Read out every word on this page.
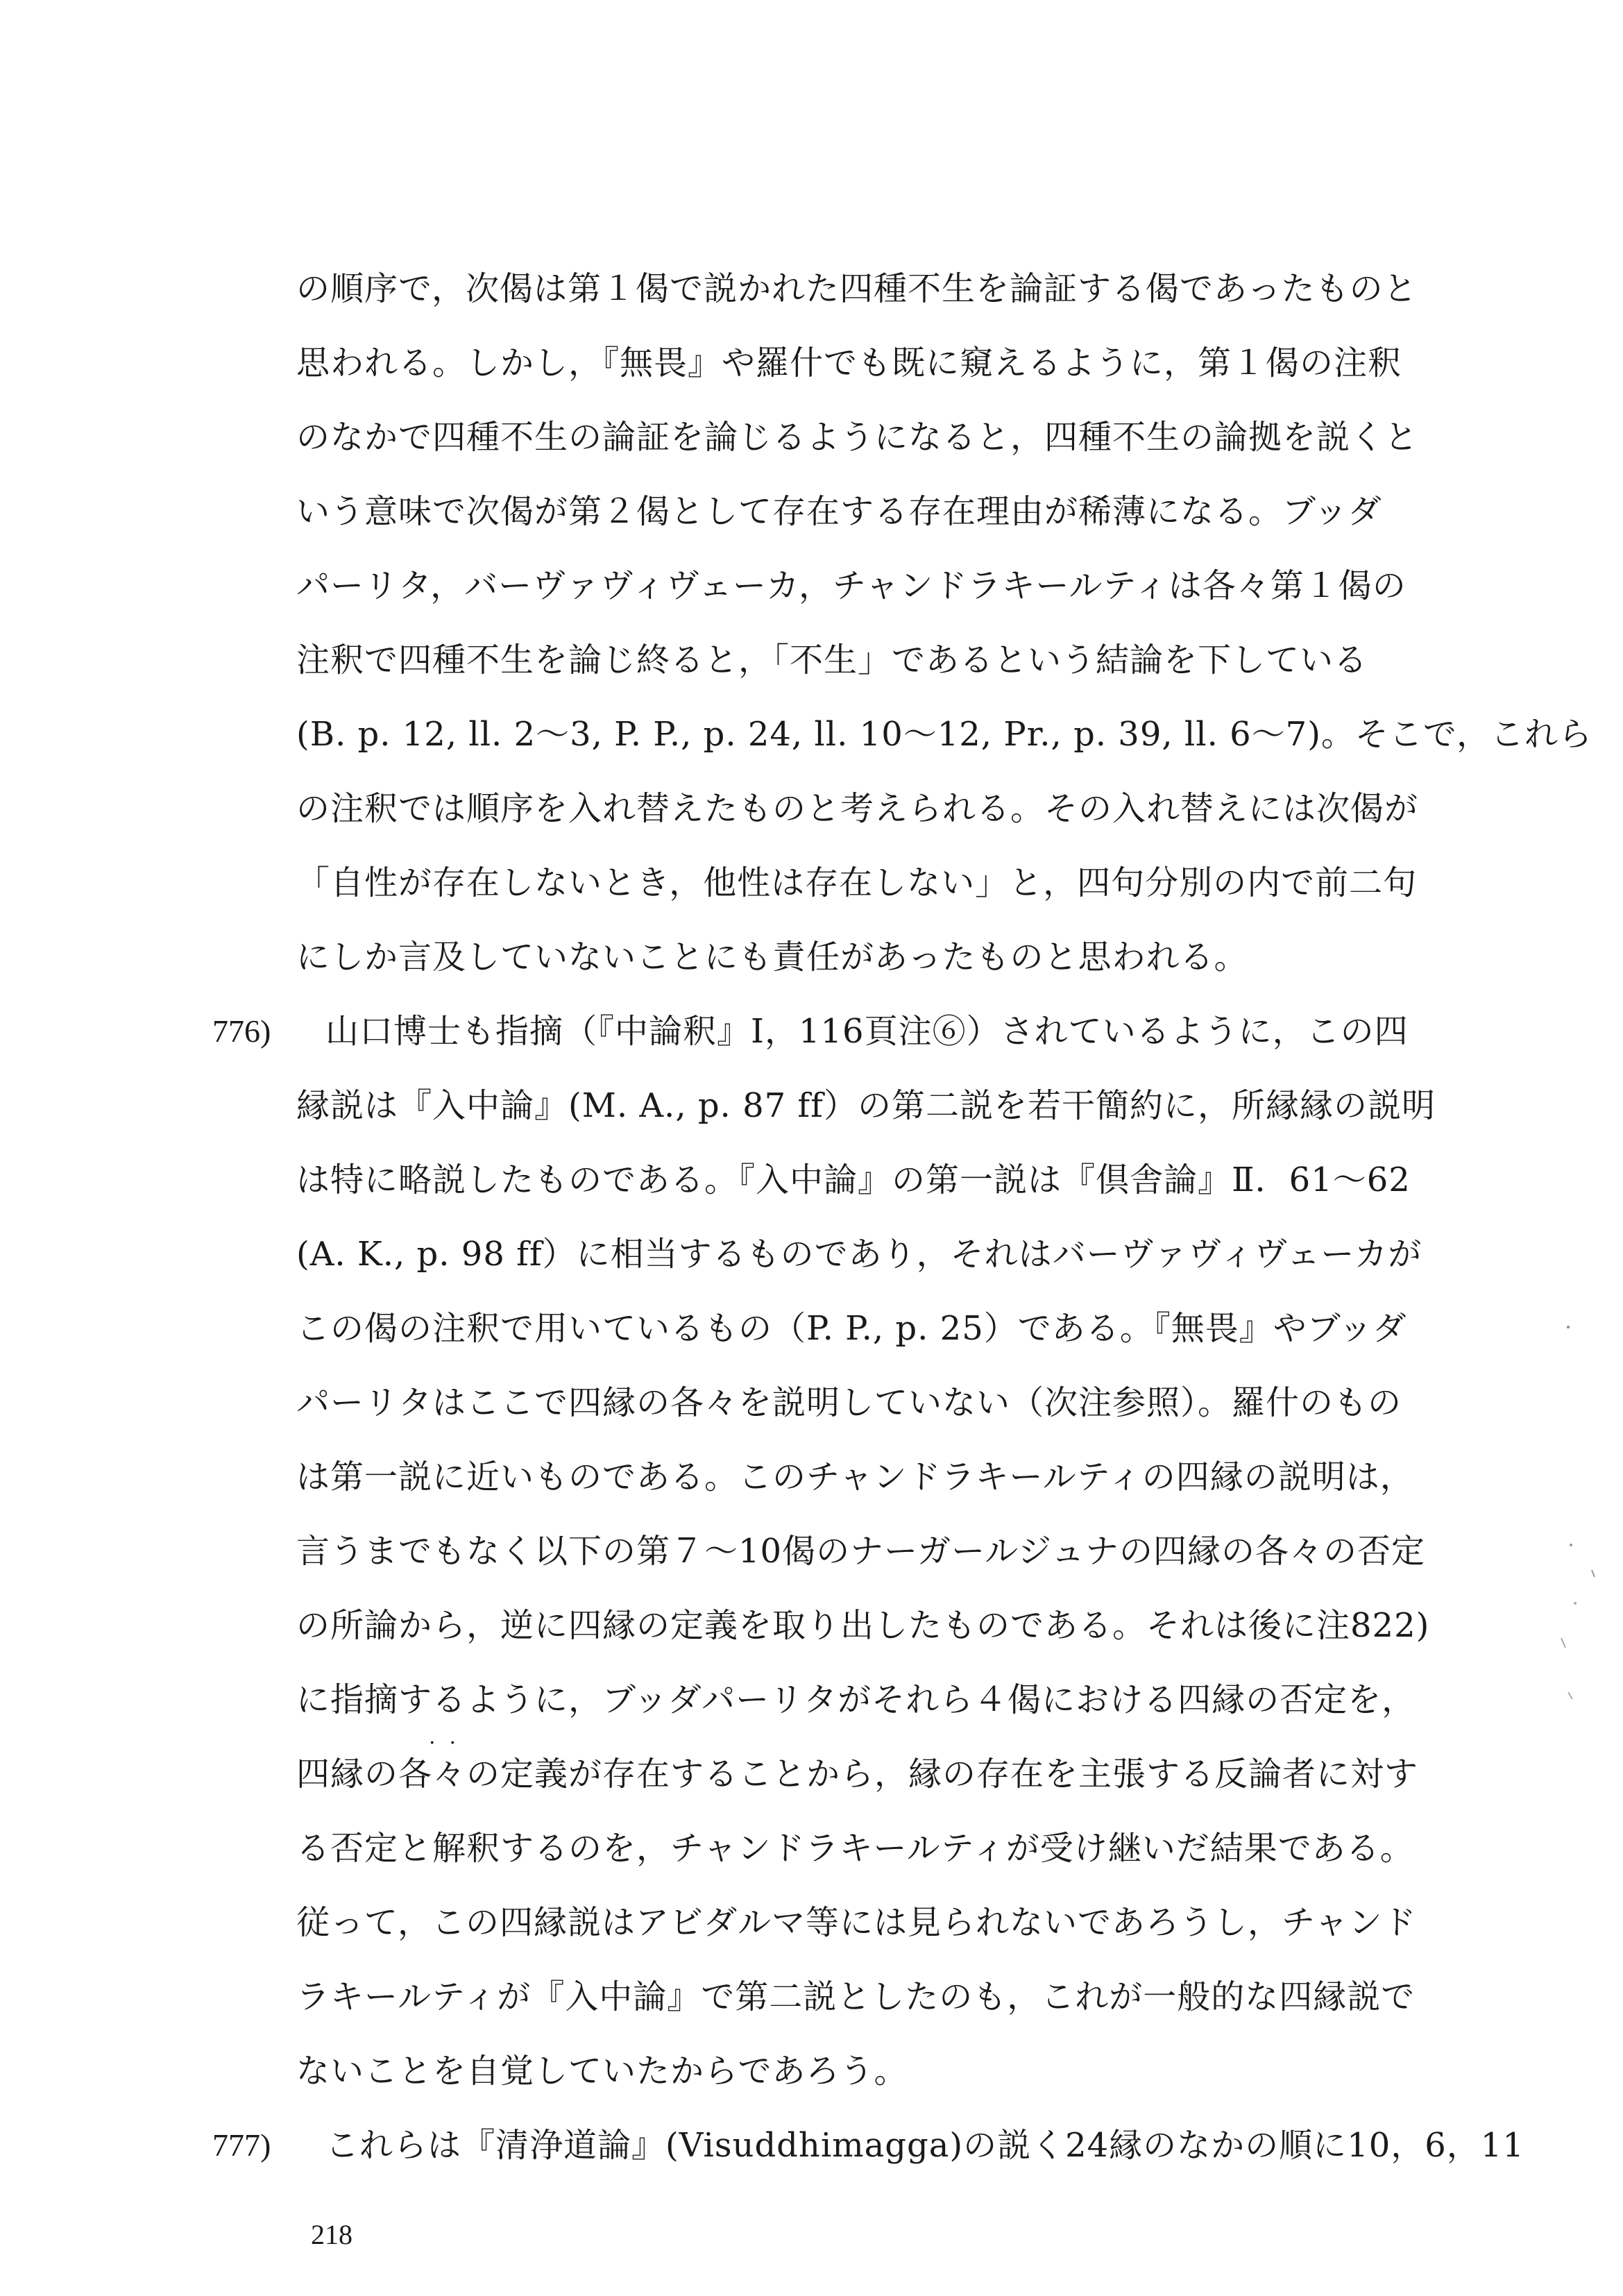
の順序で，次偈は第１偈で説かれた四種不生を論証する偈であったものと
思われる。しかし，『無畏』や羅什でも既に窺えるように，第１偈の注釈
のなかで四種不生の論証を論じるようになると，四種不生の論拠を説くと
いう意味で次偈が第２偈として存在する存在理由が稀薄になる。ブッダ
パーリタ，バーヴァヴィヴェーカ，チャンドラキールティは各々第１偈の
注釈で四種不生を論じ終ると，「不生」であるという結論を下している
(B. p. 12, ll. 2～3, P. P., p. 24, ll. 10～12, Pr., p. 39, ll. 6～7)。そこで，これら
の注釈では順序を入れ替えたものと考えられる。その入れ替えには次偈が
「自性が存在しないとき，他性は存在しない」と，四句分別の内で前二句
にしか言及していないことにも責任があったものと思われる。
776) 山口博士も指摘（『中論釈』I，116頁注⑥）されているように，この四
縁説は『入中論』(M. A., p. 87 ff）の第二説を若干簡約に，所縁縁の説明
は特に略説したものである。『入中論』の第一説は『倶舎論』Ⅱ．61～62
(A. K., p. 98 ff）に相当するものであり，それはバーヴァヴィヴェーカが
この偈の注釈で用いているもの（P. P., p. 25）である。『無畏』やブッダ
パーリタはここで四縁の各々を説明していない（次注参照）。羅什のもの
は第一説に近いものである。このチャンドラキールティの四縁の説明は，
言うまでもなく以下の第７～10偈のナーガールジュナの四縁の各々の否定
の所論から，逆に四縁の定義を取り出したものである。それは後に注822)
に指摘するように，ブッダパーリタがそれら４偈における四縁の否定を，
··
四縁の各々の定義が存在することから，縁の存在を主張する反論者に対す
る否定と解釈するのを，チャンドラキールティが受け継いだ結果である。
従って，この四縁説はアビダルマ等には見られないであろうし，チャンド
ラキールティが『入中論』で第二説としたのも，これが一般的な四縁説で
ないことを自覚していたからであろう。
777) これらは『清浄道論』(Visuddhimagga)の説く24縁のなかの順に10，6，11
218
